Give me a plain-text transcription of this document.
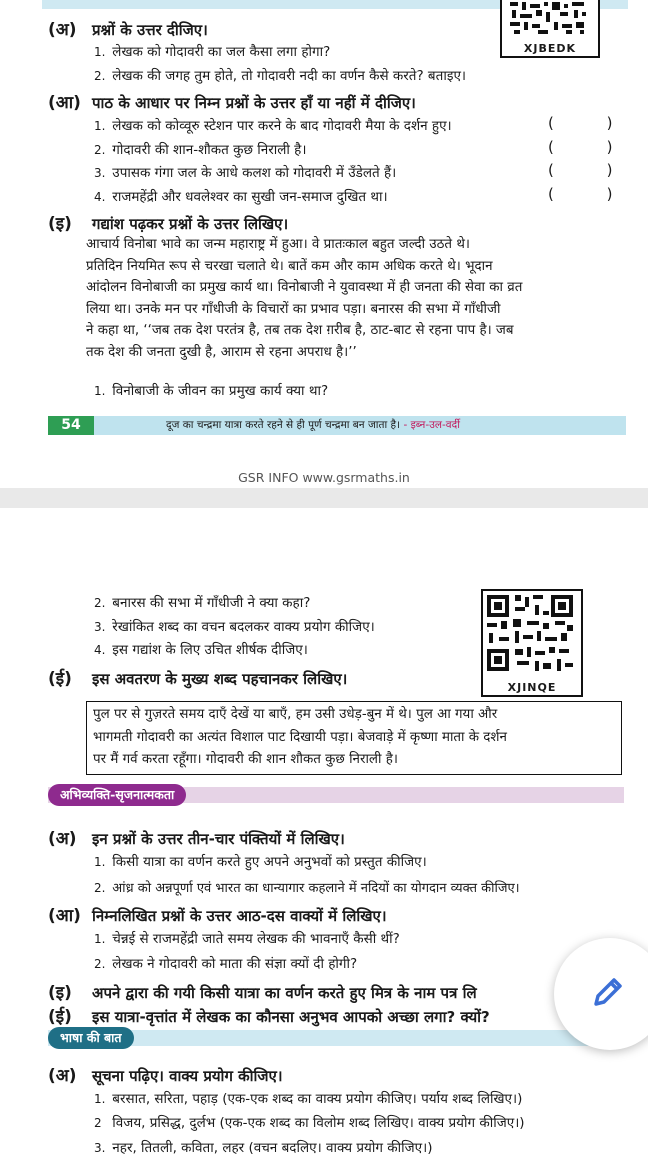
XJBEDK
(अ) प्रश्नों के उत्तर दीजिए।
1. लेखक को गोदावरी का जल कैसा लगा होगा?
2. लेखक की जगह तुम होते, तो गोदावरी नदी का वर्णन कैसे करते? बताइए।
(आ) पाठ के आधार पर निम्न प्रश्नों के उत्तर हाँ या नहीं में दीजिए।
1. लेखक को कोव्वूरु स्टेशन पार करने के बाद गोदावरी मैया के दर्शन हुए।	( )
2. गोदावरी की शान-शौकत कुछ निराली है।	( )
3. उपासक गंगा जल के आधे कलश को गोदावरी में उँडेलते हैं।	( )
4. राजमहेंद्री और धवलेश्वर का सुखी जन-समाज दुखित था।	( )
(इ) गद्यांश पढ़कर प्रश्नों के उत्तर लिखिए।
आचार्य विनोबा भावे का जन्म महाराष्ट्र में हुआ। वे प्रातःकाल बहुत जल्दी उठते थे।
प्रतिदिन नियमित रूप से चरखा चलाते थे। बातें कम और काम अधिक करते थे। भूदान
आंदोलन विनोबाजी का प्रमुख कार्य था। विनोबाजी ने युवावस्था में ही जनता की सेवा का व्रत
लिया था। उनके मन पर गाँधीजी के विचारों का प्रभाव पड़ा। बनारस की सभा में गाँधीजी
ने कहा था, ‘‘जब तक देश परतंत्र है, तब तक देश ग़रीब है, ठाट-बाट से रहना पाप है। जब
तक देश की जनता दुखी है, आराम से रहना अपराध है।’’
1. विनोबाजी के जीवन का प्रमुख कार्य क्या था?
54	दूज का चन्द्रमा यात्रा करते रहने से ही पूर्ण चन्द्रमा बन जाता है। - इब्न-उल-वर्दी
GSR INFO www.gsrmaths.in
2. बनारस की सभा में गाँधीजी ने क्या कहा?
3. रेखांकित शब्द का वचन बदलकर वाक्य प्रयोग कीजिए।
4. इस गद्यांश के लिए उचित शीर्षक दीजिए।
XJINQE
(ई) इस अवतरण के मुख्य शब्द पहचानकर लिखिए।
पुल पर से गुज़रते समय दाएँ देखें या बाएँ, हम उसी उधेड़-बुन में थे। पुल आ गया और
भागमती गोदावरी का अत्यंत विशाल पाट दिखायी पड़ा। बेजवाड़े में कृष्णा माता के दर्शन
पर मैं गर्व करता रहूँगा। गोदावरी की शान शौकत कुछ निराली है।
अभिव्यक्ति-सृजनात्मकता
(अ) इन प्रश्नों के उत्तर तीन-चार पंक्तियों में लिखिए।
1. किसी यात्रा का वर्णन करते हुए अपने अनुभवों को प्रस्तुत कीजिए।
2. आंध्र को अन्नपूर्णा एवं भारत का धान्यागार कहलाने में नदियों का योगदान व्यक्त कीजिए।
(आ) निम्नलिखित प्रश्नों के उत्तर आठ-दस वाक्यों में लिखिए।
1. चेन्नई से राजमहेंद्री जाते समय लेखक की भावनाएँ कैसी थीं?
2. लेखक ने गोदावरी को माता की संज्ञा क्यों दी होगी?
(इ) अपने द्वारा की गयी किसी यात्रा का वर्णन करते हुए मित्र के नाम पत्र लि
(ई) इस यात्रा-वृत्तांत में लेखक का कौनसा अनुभव आपको अच्छा लगा? क्यों?
भाषा की बात
(अ) सूचना पढ़िए। वाक्य प्रयोग कीजिए।
1. बरसात, सरिता, पहाड़ (एक-एक शब्द का वाक्य प्रयोग कीजिए। पर्याय शब्द लिखिए।)
2 विजय, प्रसिद्ध, दुर्लभ (एक-एक शब्द का विलोम शब्द लिखिए। वाक्य प्रयोग कीजिए।)
3. नहर, तितली, कविता, लहर (वचन बदलिए। वाक्य प्रयोग कीजिए।)
